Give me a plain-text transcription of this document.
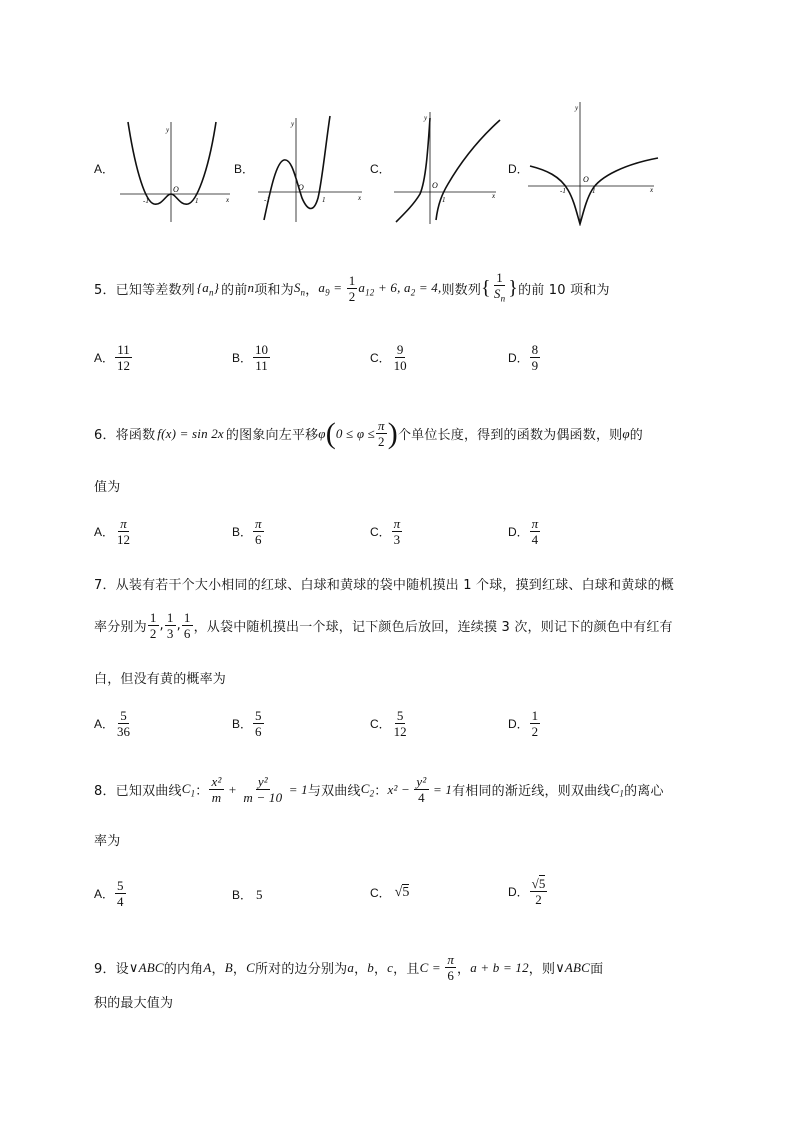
A．
y
x
O
-1	1
B．
y
x
O
-1	1
C．
y
x
O
1
D．
y
x
O
-1	1
5． 已知等差数列 $\{a_n\}$ 的前 n 项和为 $S_n$ ， $a_9 = \frac{1}{2} a_{12} + 6$, $a_2 = 4$, 则数列 { $\frac{1}{S_n}$ } 的前 10 项和为
A． $\frac{11}{12}$	B． $\frac{10}{11}$	C． $\frac{9}{10}$	D． $\frac{8}{9}$
6． 将函数 f(x) = sin 2x 的图象向左平移 φ ( $0 \le \varphi \le \frac{\pi}{2}$ ) 个单位长度，得到的函数为偶函数，则 φ 的
值为
A． $\frac{\pi}{12}$	B． $\frac{\pi}{6}$	C． $\frac{\pi}{3}$	D． $\frac{\pi}{4}$
7．从装有若干个大小相同的红球、白球和黄球的袋中随机摸出 1 个球，摸到红球、白球和黄球的概
率分别为 $\frac{1}{2}$ , $\frac{1}{3}$ , $\frac{1}{6}$ ，从袋中随机摸出一个球，记下颜色后放回，连续摸 3 次，则记下的颜色中有红有
白，但没有黄的概率为
A． $\frac{5}{36}$	B． $\frac{5}{6}$	C． $\frac{5}{12}$	D． $\frac{1}{2}$
8． 已知双曲线 $C_1$ ： $\frac{\text{x²}}{m} + \frac{\text{y²}}{m - 10} = 1$ 与双曲线 $C_2$ ： $x^2 - \frac{\text{y²}}{4} = 1$ 有相同的渐近线，则双曲线 $C_1$ 的离心
率为
A． $\frac{5}{4}$	B． 5	C． √5	D． $\frac{√5}{2}$
9． 设 ∨ABC 的内角 A ， B ， C 所对的边分别为 a ， b ， c ，且 $C = \frac{\pi}{6}$ ， a + b = 12 ，则 ∨ABC 面
积的最大值为
